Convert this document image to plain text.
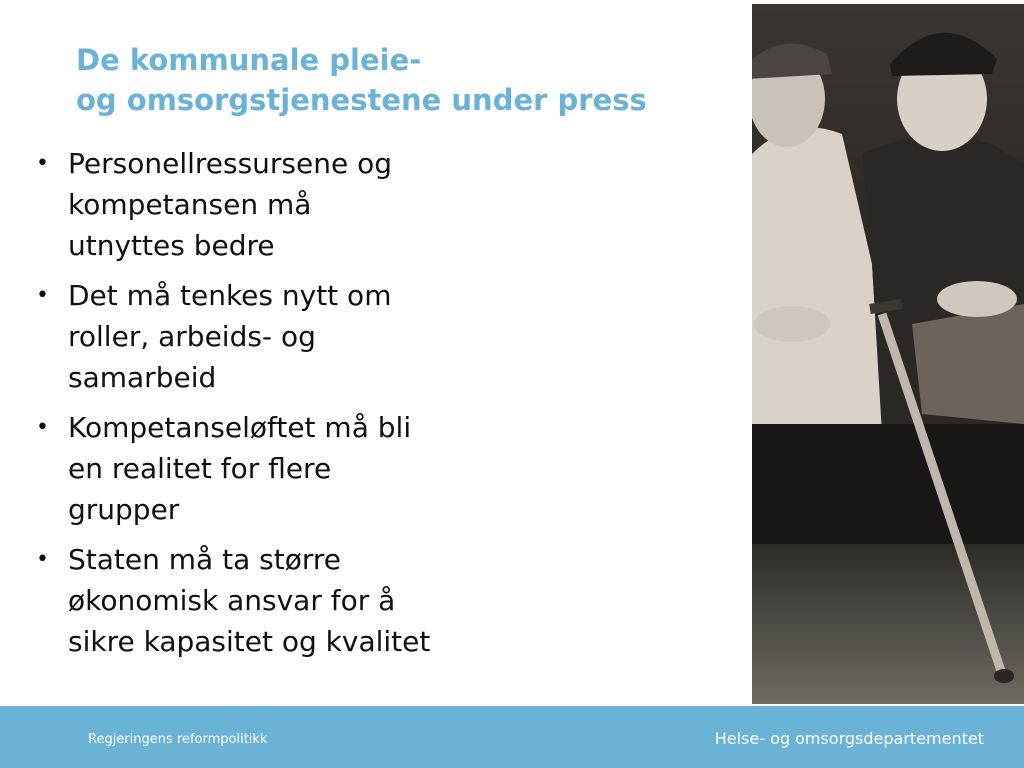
De kommunale pleie-
og omsorgstjenestene under press
• Personellressursene og
kompetansen må
utnyttes bedre
• Det må tenkes nytt om
roller, arbeids- og
samarbeid
• Kompetanseløftet må bli
en realitet for flere
grupper
• Staten må ta større
økonomisk ansvar for å
sikre kapasitet og kvalitet
Regjeringens reformpolitikk	Helse- og omsorgsdepartementet
